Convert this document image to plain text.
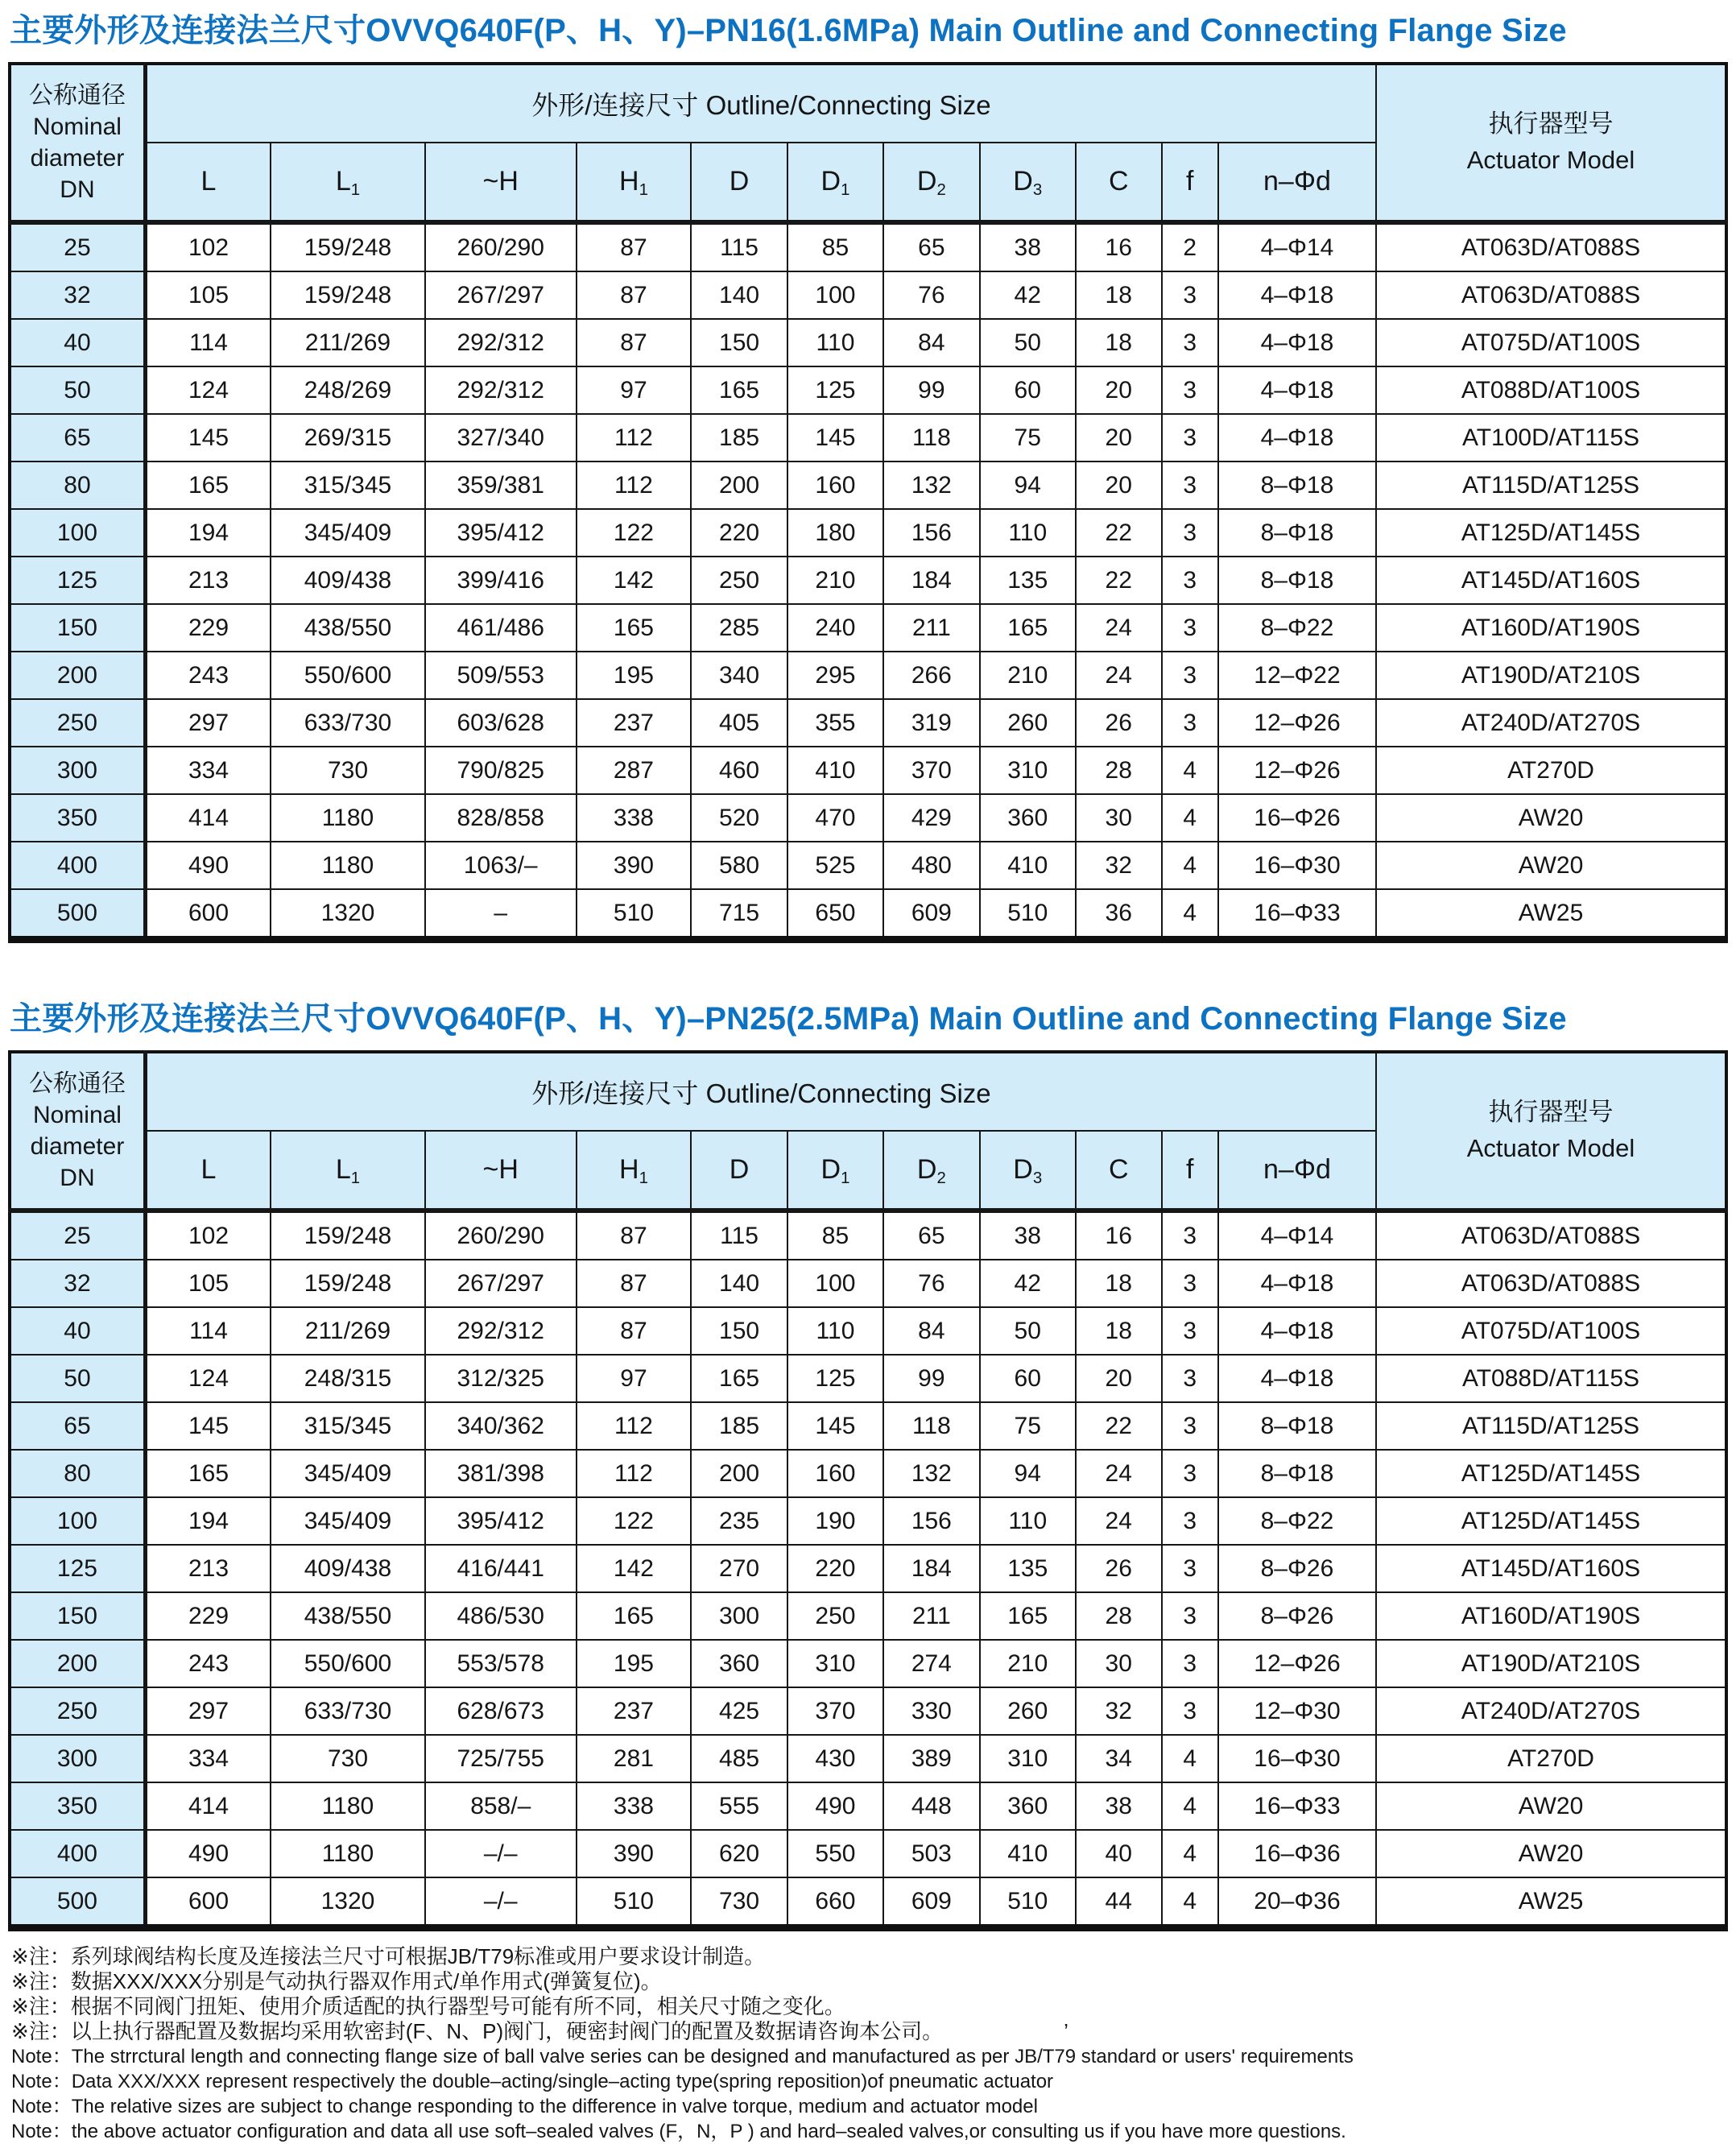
主要外形及连接法兰尺寸OVVQ640F(P、H、Y)–PN16(1.6MPa) Main Outline and Connecting Flange Size
公称通径
Nominal
diameter
DN	外形/连接尺寸 Outline/Connecting Size											执行器型号
Actuator Model
	L	$L_1$	~H	$H_1$	D	$D_1$	$D_2$	$D_3$	C	f	n–Φd	
25	102	159/248	260/290	87	115	85	65	38	16	2	4–Φ14	AT063D/AT088S
32	105	159/248	267/297	87	140	100	76	42	18	3	4–Φ18	AT063D/AT088S
40	114	211/269	292/312	87	150	110	84	50	18	3	4–Φ18	AT075D/AT100S
50	124	248/269	292/312	97	165	125	99	60	20	3	4–Φ18	AT088D/AT100S
65	145	269/315	327/340	112	185	145	118	75	20	3	4–Φ18	AT100D/AT115S
80	165	315/345	359/381	112	200	160	132	94	20	3	8–Φ18	AT115D/AT125S
100	194	345/409	395/412	122	220	180	156	110	22	3	8–Φ18	AT125D/AT145S
125	213	409/438	399/416	142	250	210	184	135	22	3	8–Φ18	AT145D/AT160S
150	229	438/550	461/486	165	285	240	211	165	24	3	8–Φ22	AT160D/AT190S
200	243	550/600	509/553	195	340	295	266	210	24	3	12–Φ22	AT190D/AT210S
250	297	633/730	603/628	237	405	355	319	260	26	3	12–Φ26	AT240D/AT270S
300	334	730	790/825	287	460	410	370	310	28	4	12–Φ26	AT270D
350	414	1180	828/858	338	520	470	429	360	30	4	16–Φ26	AW20
400	490	1180	1063/–	390	580	525	480	410	32	4	16–Φ30	AW20
500	600	1320	–	510	715	650	609	510	36	4	16–Φ33	AW25
主要外形及连接法兰尺寸OVVQ640F(P、H、Y)–PN25(2.5MPa) Main Outline and Connecting Flange Size
公称通径
Nominal
diameter
DN	外形/连接尺寸 Outline/Connecting Size											执行器型号
Actuator Model
	L	$L_1$	~H	$H_1$	D	$D_1$	$D_2$	$D_3$	C	f	n–Φd	
25	102	159/248	260/290	87	115	85	65	38	16	3	4–Φ14	AT063D/AT088S
32	105	159/248	267/297	87	140	100	76	42	18	3	4–Φ18	AT063D/AT088S
40	114	211/269	292/312	87	150	110	84	50	18	3	4–Φ18	AT075D/AT100S
50	124	248/315	312/325	97	165	125	99	60	20	3	4–Φ18	AT088D/AT115S
65	145	315/345	340/362	112	185	145	118	75	22	3	8–Φ18	AT115D/AT125S
80	165	345/409	381/398	112	200	160	132	94	24	3	8–Φ18	AT125D/AT145S
100	194	345/409	395/412	122	235	190	156	110	24	3	8–Φ22	AT125D/AT145S
125	213	409/438	416/441	142	270	220	184	135	26	3	8–Φ26	AT145D/AT160S
150	229	438/550	486/530	165	300	250	211	165	28	3	8–Φ26	AT160D/AT190S
200	243	550/600	553/578	195	360	310	274	210	30	3	12–Φ26	AT190D/AT210S
250	297	633/730	628/673	237	425	370	330	260	32	3	12–Φ30	AT240D/AT270S
300	334	730	725/755	281	485	430	389	310	34	4	16–Φ30	AT270D
350	414	1180	858/–	338	555	490	448	360	38	4	16–Φ33	AW20
400	490	1180	–/–	390	620	550	503	410	40	4	16–Φ36	AW20
500	600	1320	–/–	510	730	660	609	510	44	4	20–Φ36	AW25

※注：系列球阀结构长度及连接法兰尺寸可根据JB/T79标准或用户要求设计制造。

※注：数据XXX/XXX分别是气动执行器双作用式/单作用式(弹簧复位)。

※注：根据不同阀门扭矩、使用介质适配的执行器型号可能有所不同，相关尺寸随之变化。

※注：以上执行器配置及数据均采用软密封(F、N、P)阀门，硬密封阀门的配置及数据请咨询本公司。	’

Note：The strrctural length and connecting flange size of ball valve series can be designed and manufactured as per JB/T79 standard or users' requirements

Note：Data XXX/XXX represent respectively the double–acting/single–acting type(spring reposition)of pneumatic actuator

Note：The relative sizes are subject to change responding to the difference in valve torque, medium and actuator model

Note：the above actuator configuration and data all use soft–sealed valves (F，N，P ) and hard–sealed valves,or consulting us if you have more questions.
